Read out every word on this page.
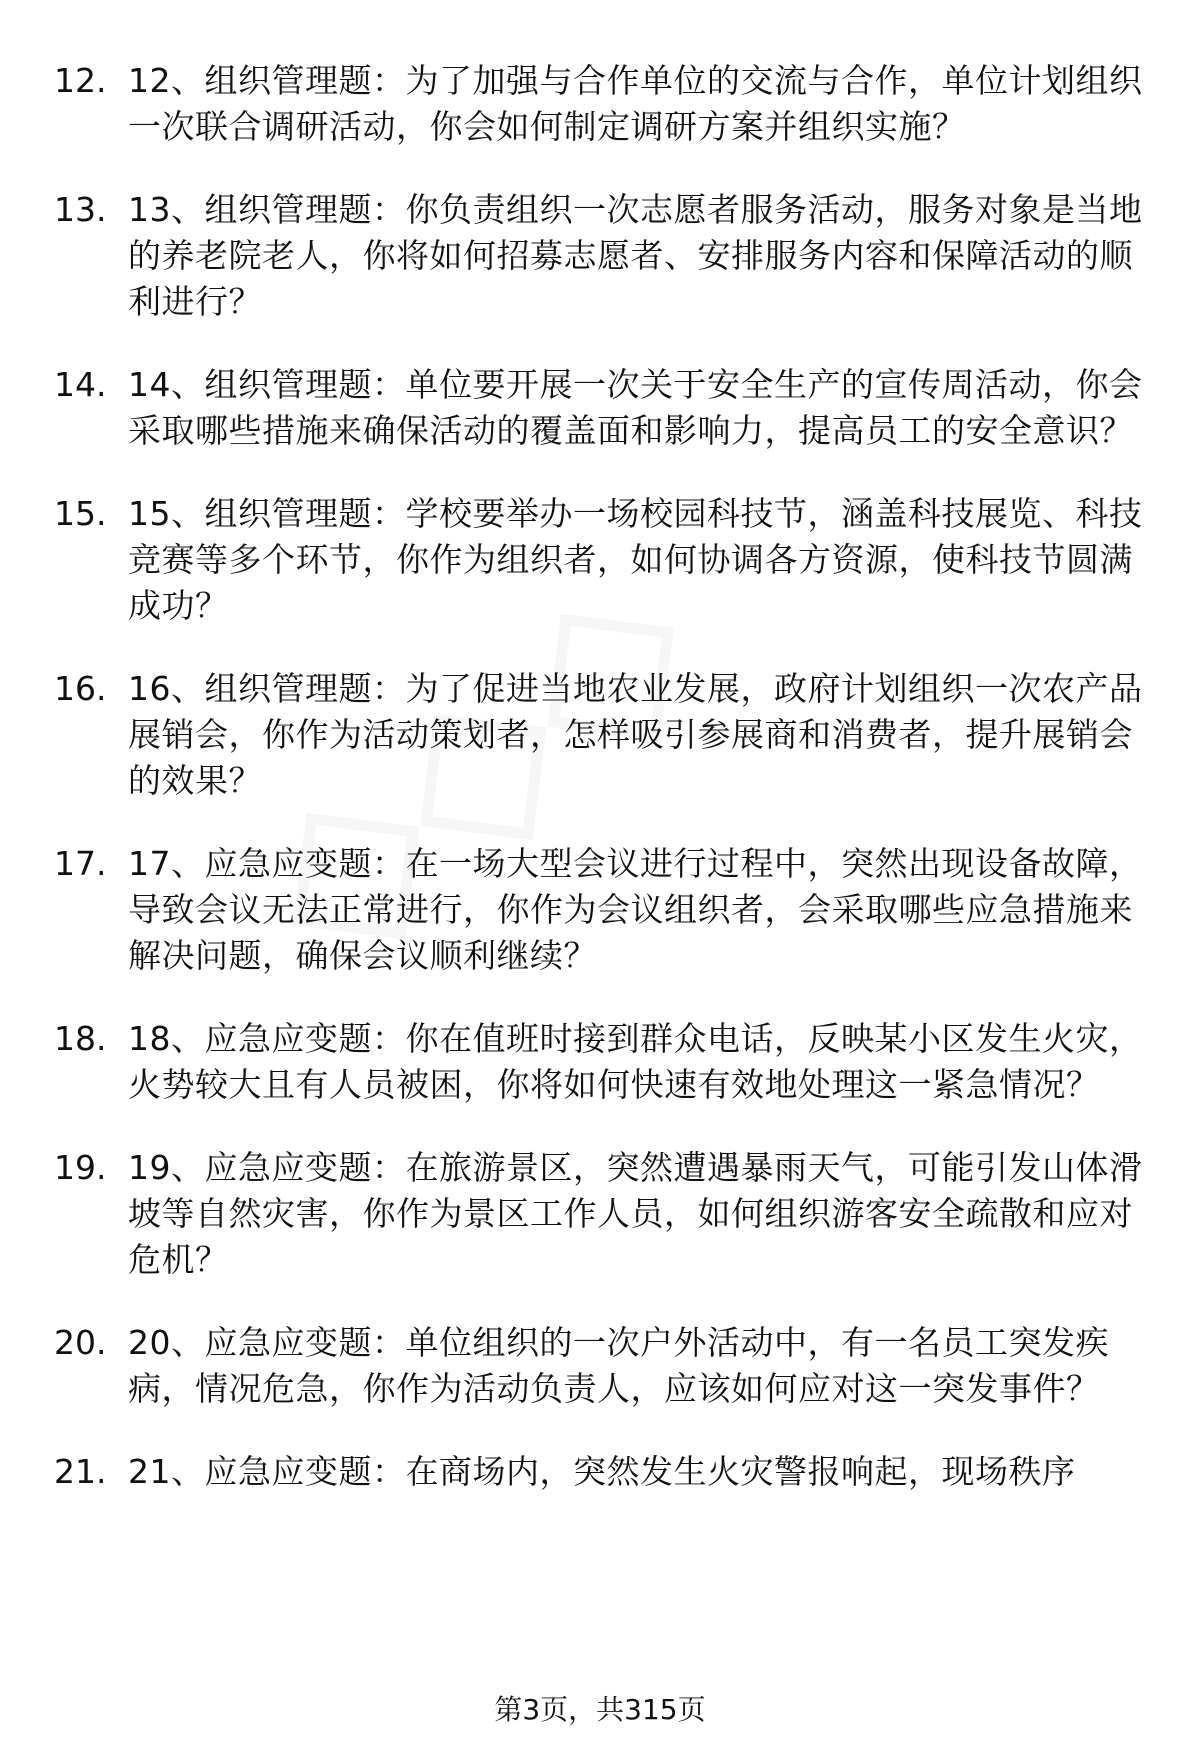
12. 12、组织管理题：为了加强与合作单位的交流与合作，单位计划组织一次联合调研活动，你会如何制定调研方案并组织实施？
13. 13、组织管理题：你负责组织一次志愿者服务活动，服务对象是当地的养老院老人，你将如何招募志愿者、安排服务内容和保障活动的顺利进行？
14. 14、组织管理题：单位要开展一次关于安全生产的宣传周活动，你会采取哪些措施来确保活动的覆盖面和影响力，提高员工的安全意识？
15. 15、组织管理题：学校要举办一场校园科技节，涵盖科技展览、科技竞赛等多个环节，你作为组织者，如何协调各方资源，使科技节圆满成功？
16. 16、组织管理题：为了促进当地农业发展，政府计划组织一次农产品展销会，你作为活动策划者，怎样吸引参展商和消费者，提升展销会的效果？
17. 17、应急应变题：在一场大型会议进行过程中，突然出现设备故障，导致会议无法正常进行，你作为会议组织者，会采取哪些应急措施来解决问题，确保会议顺利继续？
18. 18、应急应变题：你在值班时接到群众电话，反映某小区发生火灾，火势较大且有人员被困，你将如何快速有效地处理这一紧急情况？
19. 19、应急应变题：在旅游景区，突然遭遇暴雨天气，可能引发山体滑坡等自然灾害，你作为景区工作人员，如何组织游客安全疏散和应对危机？
20. 20、应急应变题：单位组织的一次户外活动中，有一名员工突发疾病，情况危急，你作为活动负责人，应该如何应对这一突发事件？
21. 21、应急应变题：在商场内，突然发生火灾警报响起，现场秩序
第3页，共315页
